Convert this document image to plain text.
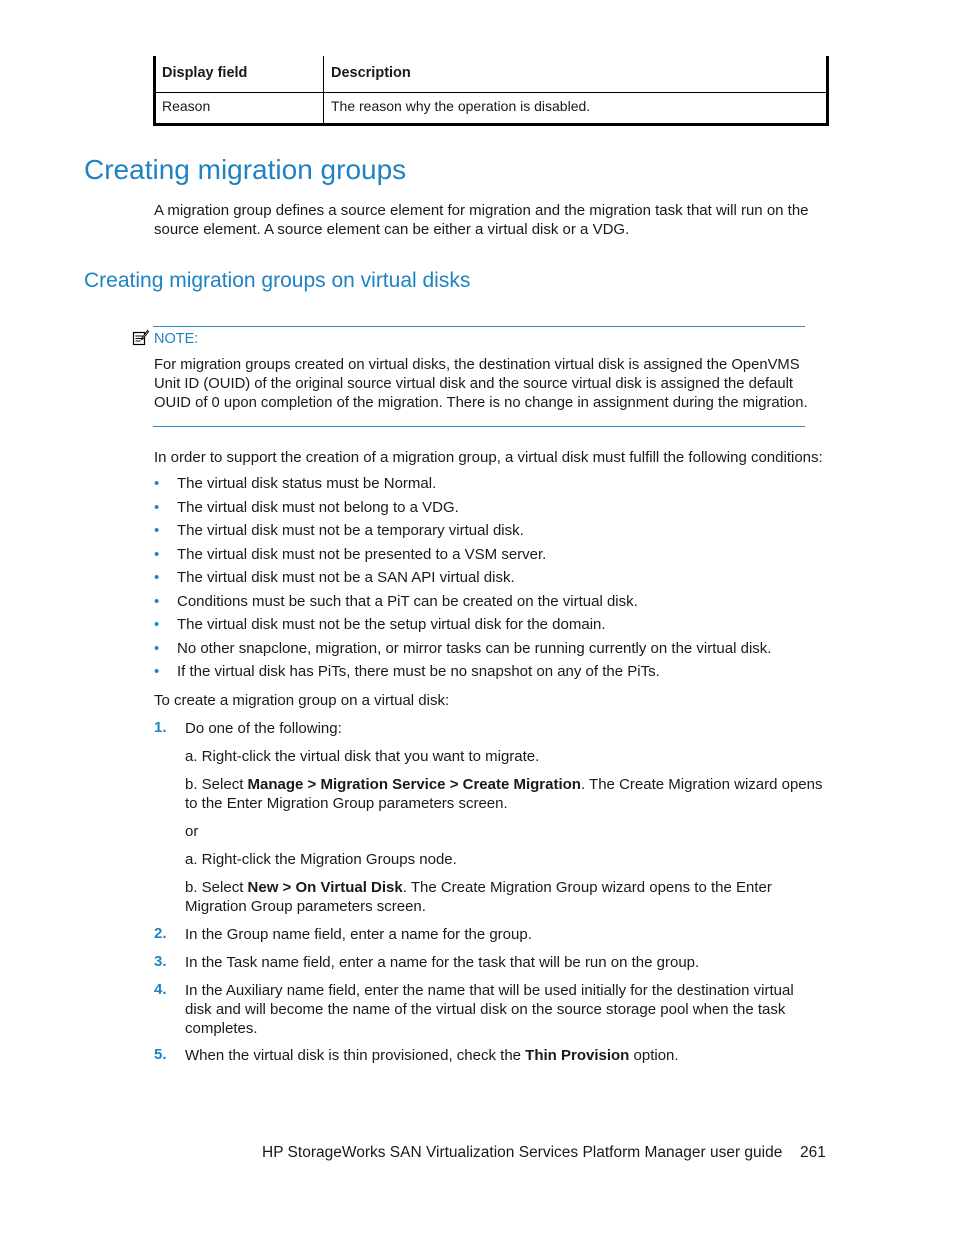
Display field	Description
Reason	The reason why the operation is disabled.
Creating migration groups
A migration group defines a source element for migration and the migration task that will run on the source element. A source element can be either a virtual disk or a VDG.
Creating migration groups on virtual disks
NOTE:
For migration groups created on virtual disks, the destination virtual disk is assigned the OpenVMS Unit ID (OUID) of the original source virtual disk and the source virtual disk is assigned the default OUID of 0 upon completion of the migration. There is no change in assignment during the migration.
In order to support the creation of a migration group, a virtual disk must fulfill the following conditions:
• The virtual disk status must be Normal.
• The virtual disk must not belong to a VDG.
• The virtual disk must not be a temporary virtual disk.
• The virtual disk must not be presented to a VSM server.
• The virtual disk must not be a SAN API virtual disk.
• Conditions must be such that a PiT can be created on the virtual disk.
• The virtual disk must not be the setup virtual disk for the domain.
• No other snapclone, migration, or mirror tasks can be running currently on the virtual disk.
• If the virtual disk has PiTs, there must be no snapshot on any of the PiTs.
To create a migration group on a virtual disk:
1. Do one of the following:
a. Right-click the virtual disk that you want to migrate.
b. Select Manage > Migration Service > Create Migration. The Create Migration wizard opens to the Enter Migration Group parameters screen.
or
a. Right-click the Migration Groups node.
b. Select New > On Virtual Disk. The Create Migration Group wizard opens to the Enter Migration Group parameters screen.
2. In the Group name field, enter a name for the group.
3. In the Task name field, enter a name for the task that will be run on the group.
4. In the Auxiliary name field, enter the name that will be used initially for the destination virtual disk and will become the name of the virtual disk on the source storage pool when the task completes.
5. When the virtual disk is thin provisioned, check the Thin Provision option.
HP StorageWorks SAN Virtualization Services Platform Manager user guide 261
